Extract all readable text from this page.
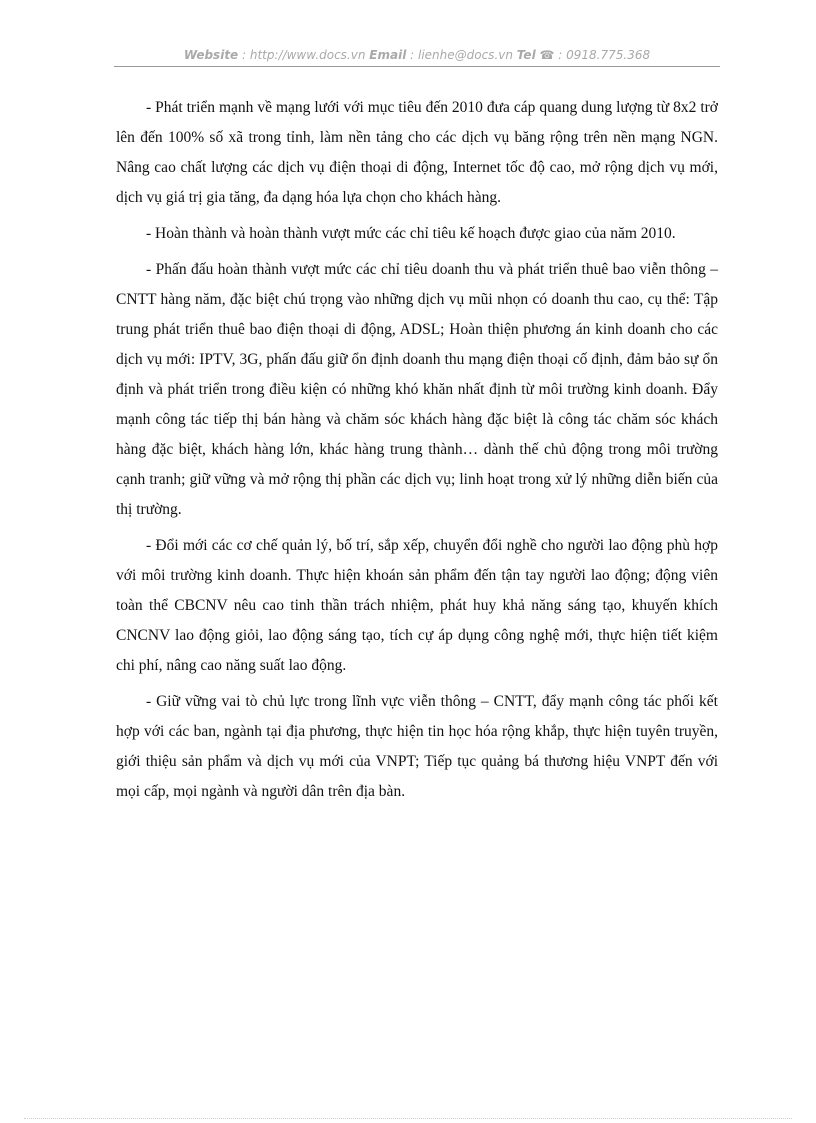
Website : http://www.docs.vn Email : lienhe@docs.vn Tel ☎ : 0918.775.368

- Phát triển mạnh về mạng lưới với mục tiêu đến 2010 đưa cáp quang dung lượng từ 8x2 trở lên đến 100% số xã trong tỉnh, làm nền tảng cho các dịch vụ băng rộng trên nền mạng NGN. Nâng cao chất lượng các dịch vụ điện thoại di động, Internet tốc độ cao, mở rộng dịch vụ mới, dịch vụ giá trị gia tăng, đa dạng hóa lựa chọn cho khách hàng.

- Hoàn thành và hoàn thành vượt mức các chỉ tiêu kế hoạch được giao của năm 2010.

- Phấn đấu hoàn thành vượt mức các chỉ tiêu doanh thu và phát triển thuê bao viễn thông – CNTT hàng năm, đặc biệt chú trọng vào những dịch vụ mũi nhọn có doanh thu cao, cụ thể: Tập trung phát triển thuê bao điện thoại di động, ADSL; Hoàn thiện phương án kinh doanh cho các dịch vụ mới: IPTV, 3G, phấn đấu giữ ổn định doanh thu mạng điện thoại cố định, đảm bảo sự ổn định và phát triển trong điều kiện có những khó khăn nhất định từ môi trường kinh doanh. Đẩy mạnh công tác tiếp thị bán hàng và chăm sóc khách hàng đặc biệt là công tác chăm sóc khách hàng đặc biệt, khách hàng lớn, khác hàng trung thành… dành thế chủ động trong môi trường cạnh tranh; giữ vững và mở rộng thị phần các dịch vụ; linh hoạt trong xử lý những diễn biến của thị trường.

- Đổi mới các cơ chế quản lý, bố trí, sắp xếp, chuyển đổi nghề cho người lao động phù hợp với môi trường kinh doanh. Thực hiện khoán sản phẩm đến tận tay người lao động; động viên toàn thể CBCNV nêu cao tinh thần trách nhiệm, phát huy khả năng sáng tạo, khuyến khích CNCNV lao động giỏi, lao động sáng tạo, tích cự áp dụng công nghệ mới, thực hiện tiết kiệm chi phí, nâng cao năng suất lao động.

- Giữ vững vai tò chủ lực trong lĩnh vực viễn thông – CNTT, đẩy mạnh công tác phối kết hợp với các ban, ngành tại địa phương, thực hiện tin học hóa rộng khắp, thực hiện tuyên truyền, giới thiệu sản phẩm và dịch vụ mới của VNPT; Tiếp tục quảng bá thương hiệu VNPT đến với mọi cấp, mọi ngành và người dân trên địa bàn.
